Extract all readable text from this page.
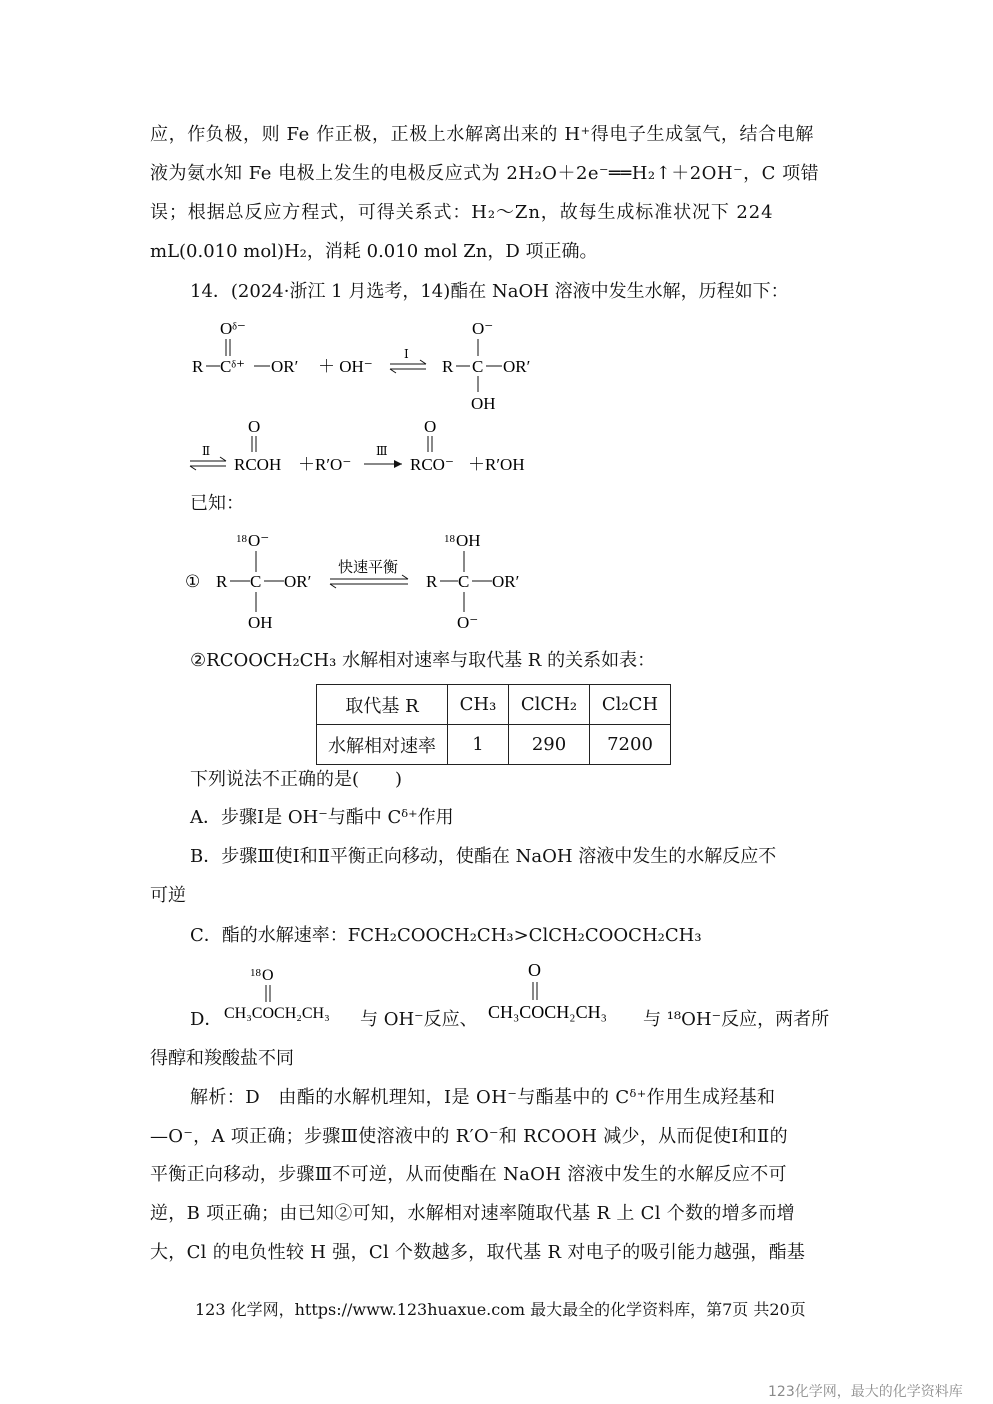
应，作负极，则 Fe 作正极，正极上水解离出来的 H⁺得电子生成氢气，结合电解
液为氨水知 Fe 电极上发生的电极反应式为 2H₂O＋2e⁻══H₂↑＋2OH⁻，C 项错
误；根据总反应方程式，可得关系式：H₂～Zn，故每生成标准状况下 224
mL(0.010 mol)H₂，消耗 0.010 mol Zn，D 项正确。
14．(2024·浙江 1 月选考，14)酯在 NaOH 溶液中发生水解，历程如下：
Oᵟ⁻
R Cᵟ⁺ OR′ ＋ OH⁻
Ⅰ
O⁻
R C OR′
OH
Ⅱ
O
RCOH ＋R′O⁻
Ⅲ
O
RCO⁻ ＋R′OH
已知：
①
18 O⁻
R C OR′
OH
快速平衡
18 OH
R C OR′
O⁻
②RCOOCH₂CH₃ 水解相对速率与取代基 R 的关系如表：
取代基 R	CH₃	ClCH₂	Cl₂CH
水解相对速率	1	290	7200
下列说法不正确的是(　　)
A．步骤Ⅰ是 OH⁻与酯中 Cᵟ⁺作用
B．步骤Ⅲ使Ⅰ和Ⅱ平衡正向移动，使酯在 NaOH 溶液中发生的水解反应不
可逆
C．酯的水解速率：FCH₂COOCH₂CH₃>ClCH₂COOCH₂CH₃
D．
18 O
CH₃COCH₂CH₃ 与 OH⁻反应、
O
CH₃COCH₂CH₃ 与 ¹⁸OH⁻反应，两者所
得醇和羧酸盐不同
解析：D　由酯的水解机理知，Ⅰ是 OH⁻与酯基中的 Cᵟ⁺作用生成羟基和
—O⁻，A 项正确；步骤Ⅲ使溶液中的 R′O⁻和 RCOOH 减少，从而促使Ⅰ和Ⅱ的
平衡正向移动，步骤Ⅲ不可逆，从而使酯在 NaOH 溶液中发生的水解反应不可
逆，B 项正确；由已知②可知，水解相对速率随取代基 R 上 Cl 个数的增多而增
大，Cl 的电负性较 H 强，Cl 个数越多，取代基 R 对电子的吸引能力越强，酯基
123 化学网，https://www.123huaxue.com 最大最全的化学资料库，第7页 共20页
123化学网，最大的化学资料库
